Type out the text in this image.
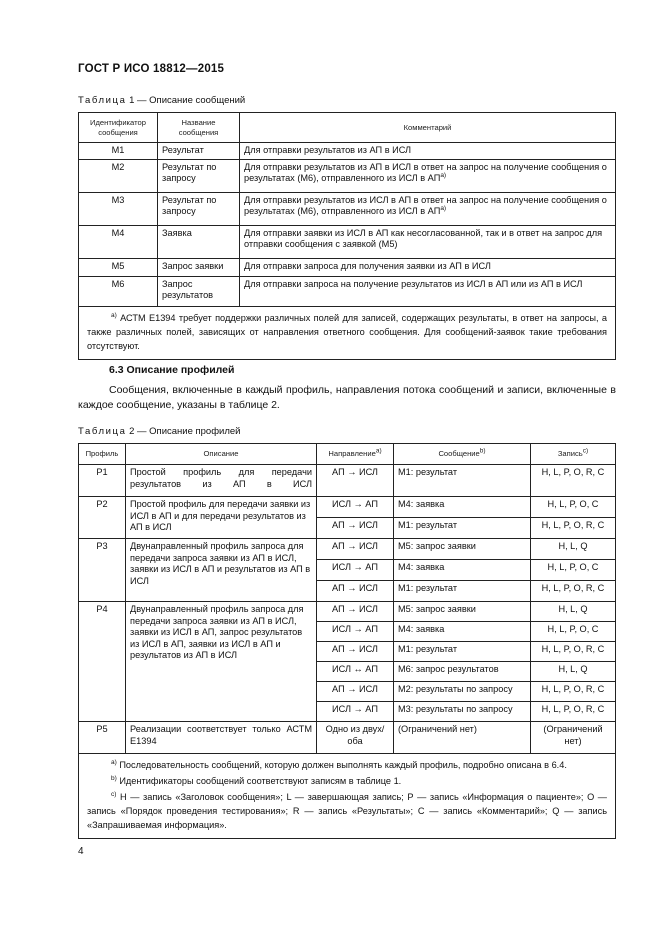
ГОСТ Р ИСО 18812—2015
Таблица 1 — Описание сообщений
Идентификатор сообщения	Название сообщения	Комментарий
M1	Результат	Для отправки результатов из АП в ИСЛ
M2	Результат по запросу	Для отправки результатов из АП в ИСЛ в ответ на запрос на получение сообщения о результатах (М6), отправленного из ИСЛ в АП$^{a)}$
M3	Результат по запросу	Для отправки результатов из ИСЛ в АП в ответ на запрос на получение сообщения о результатах (М6), отправленного из ИСЛ в АП$^{a)}$
M4	Заявка	Для отправки заявки из ИСЛ в АП как несогласованной, так и в ответ на запрос для отправки сообщения с заявкой (М5)
M5	Запрос заявки	Для отправки запроса для получения заявки из АП в ИСЛ
M6	Запрос результатов	Для отправки запроса на получение результатов из ИСЛ в АП или из АП в ИСЛ

$^{a)}$ АСТМ Е1394 требует поддержки различных полей для записей, содержащих результаты, в ответ на запросы, а также различных полей, зависящих от направления ответного сообщения. Для сообщений-заявок такие требования отсутствуют.		

6.3 Описание профилей
Сообщения, включенные в каждый профиль, направления потока сообщений и записи, включенные в каждое сообщение, указаны в таблице 2.
Таблица 2 — Описание профилей
Профиль	Описание	Направление$^{a)}$	Сообщение$^{b)}$	Запись$^{c)}$
P1	Простой профиль для передачи результатов из АП в ИСЛ	АП → ИСЛ	М1: результат	H, L, P, O, R, C
P2	Простой профиль для передачи заявки из ИСЛ в АП и для передачи результатов из АП в ИСЛ	ИСЛ → АП	М4: заявка	H, L, P, O, C
		АП → ИСЛ	М1: результат	H, L, P, O, R, C
P3	Двунаправленный профиль запроса для передачи запроса заявки из АП в ИСЛ, заявки из ИСЛ в АП и результатов из АП в ИСЛ	АП → ИСЛ	М5: запрос заявки	H, L, Q
		ИСЛ → АП	М4: заявка	H, L, P, O, C
		АП → ИСЛ	М1: результат	H, L, P, O, R, C
P4	Двунаправленный профиль запроса для передачи запроса заявки из АП в ИСЛ, заявки из ИСЛ в АП, запрос результатов из ИСЛ в АП, заявки из ИСЛ в АП и результатов из АП в ИСЛ	АП → ИСЛ	М5: запрос заявки	H, L, Q
		ИСЛ → АП	М4: заявка	H, L, P, O, C
		АП → ИСЛ	М1: результат	H, L, P, O, R, C
		ИСЛ ↔ АП	М6: запрос результатов	H, L, Q
		АП → ИСЛ	М2: результаты по запросу	H, L, P, O, R, C
		ИСЛ → АП	М3: результаты по запросу	H, L, P, O, R, C
P5	Реализации соответствует только АСТМ Е1394	Одно из двух/оба	(Ограничений нет)	(Ограничений нет)

$^{a)}$ Последовательность сообщений, которую должен выполнять каждый профиль, подробно описана в 6.4.

$^{b)}$ Идентификаторы сообщений соответствуют записям в таблице 1.

$^{c)}$ Н — запись «Заголовок сообщения»; L — завершающая запись; Р — запись «Информация о пациенте»; О — запись «Порядок проведения тестирования»; R — запись «Результаты»; С — запись «Комментарий»; Q — запись «Запрашиваемая информация».				

4
